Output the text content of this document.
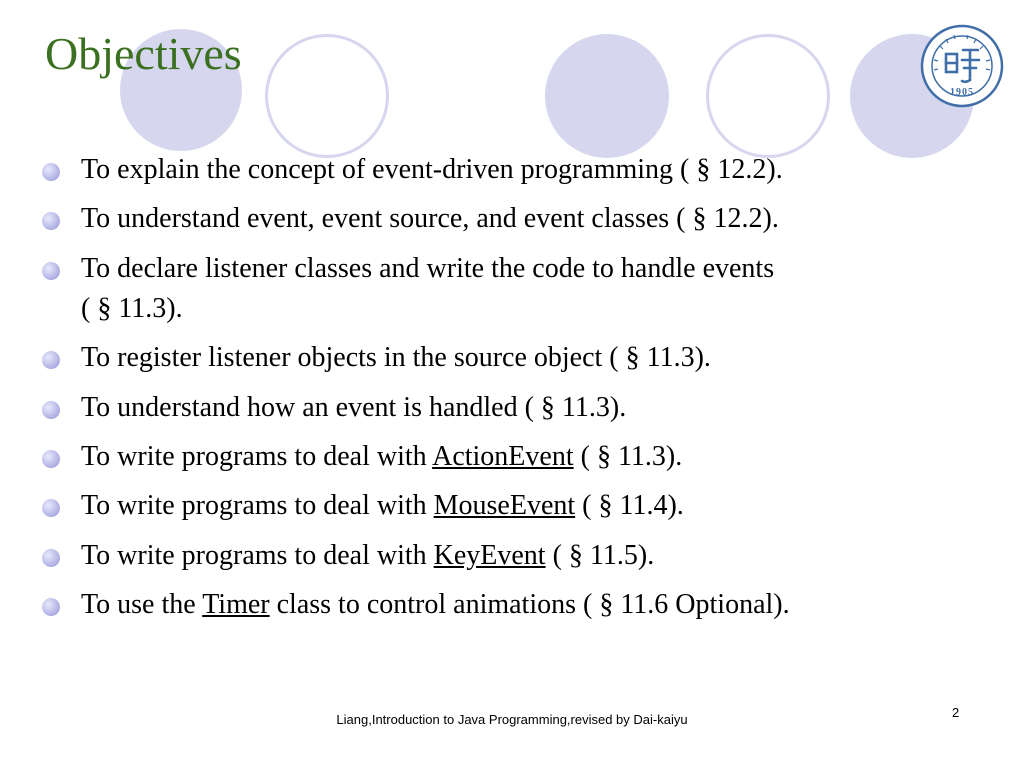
Objectives
1905
To explain the concept of event-driven programming ( § 12.2).
To understand event, event source, and event classes ( § 12.2).
To declare listener classes and write the code to handle events
( § 11.3).
To register listener objects in the source object ( § 11.3).
To understand how an event is handled ( § 11.3).
To write programs to deal with ActionEvent ( § 11.3).
To write programs to deal with MouseEvent ( § 11.4).
To write programs to deal with KeyEvent ( § 11.5).
To use the Timer class to control animations ( § 11.6 Optional).
Liang,Introduction to Java Programming,revised by Dai-kaiyu	2
